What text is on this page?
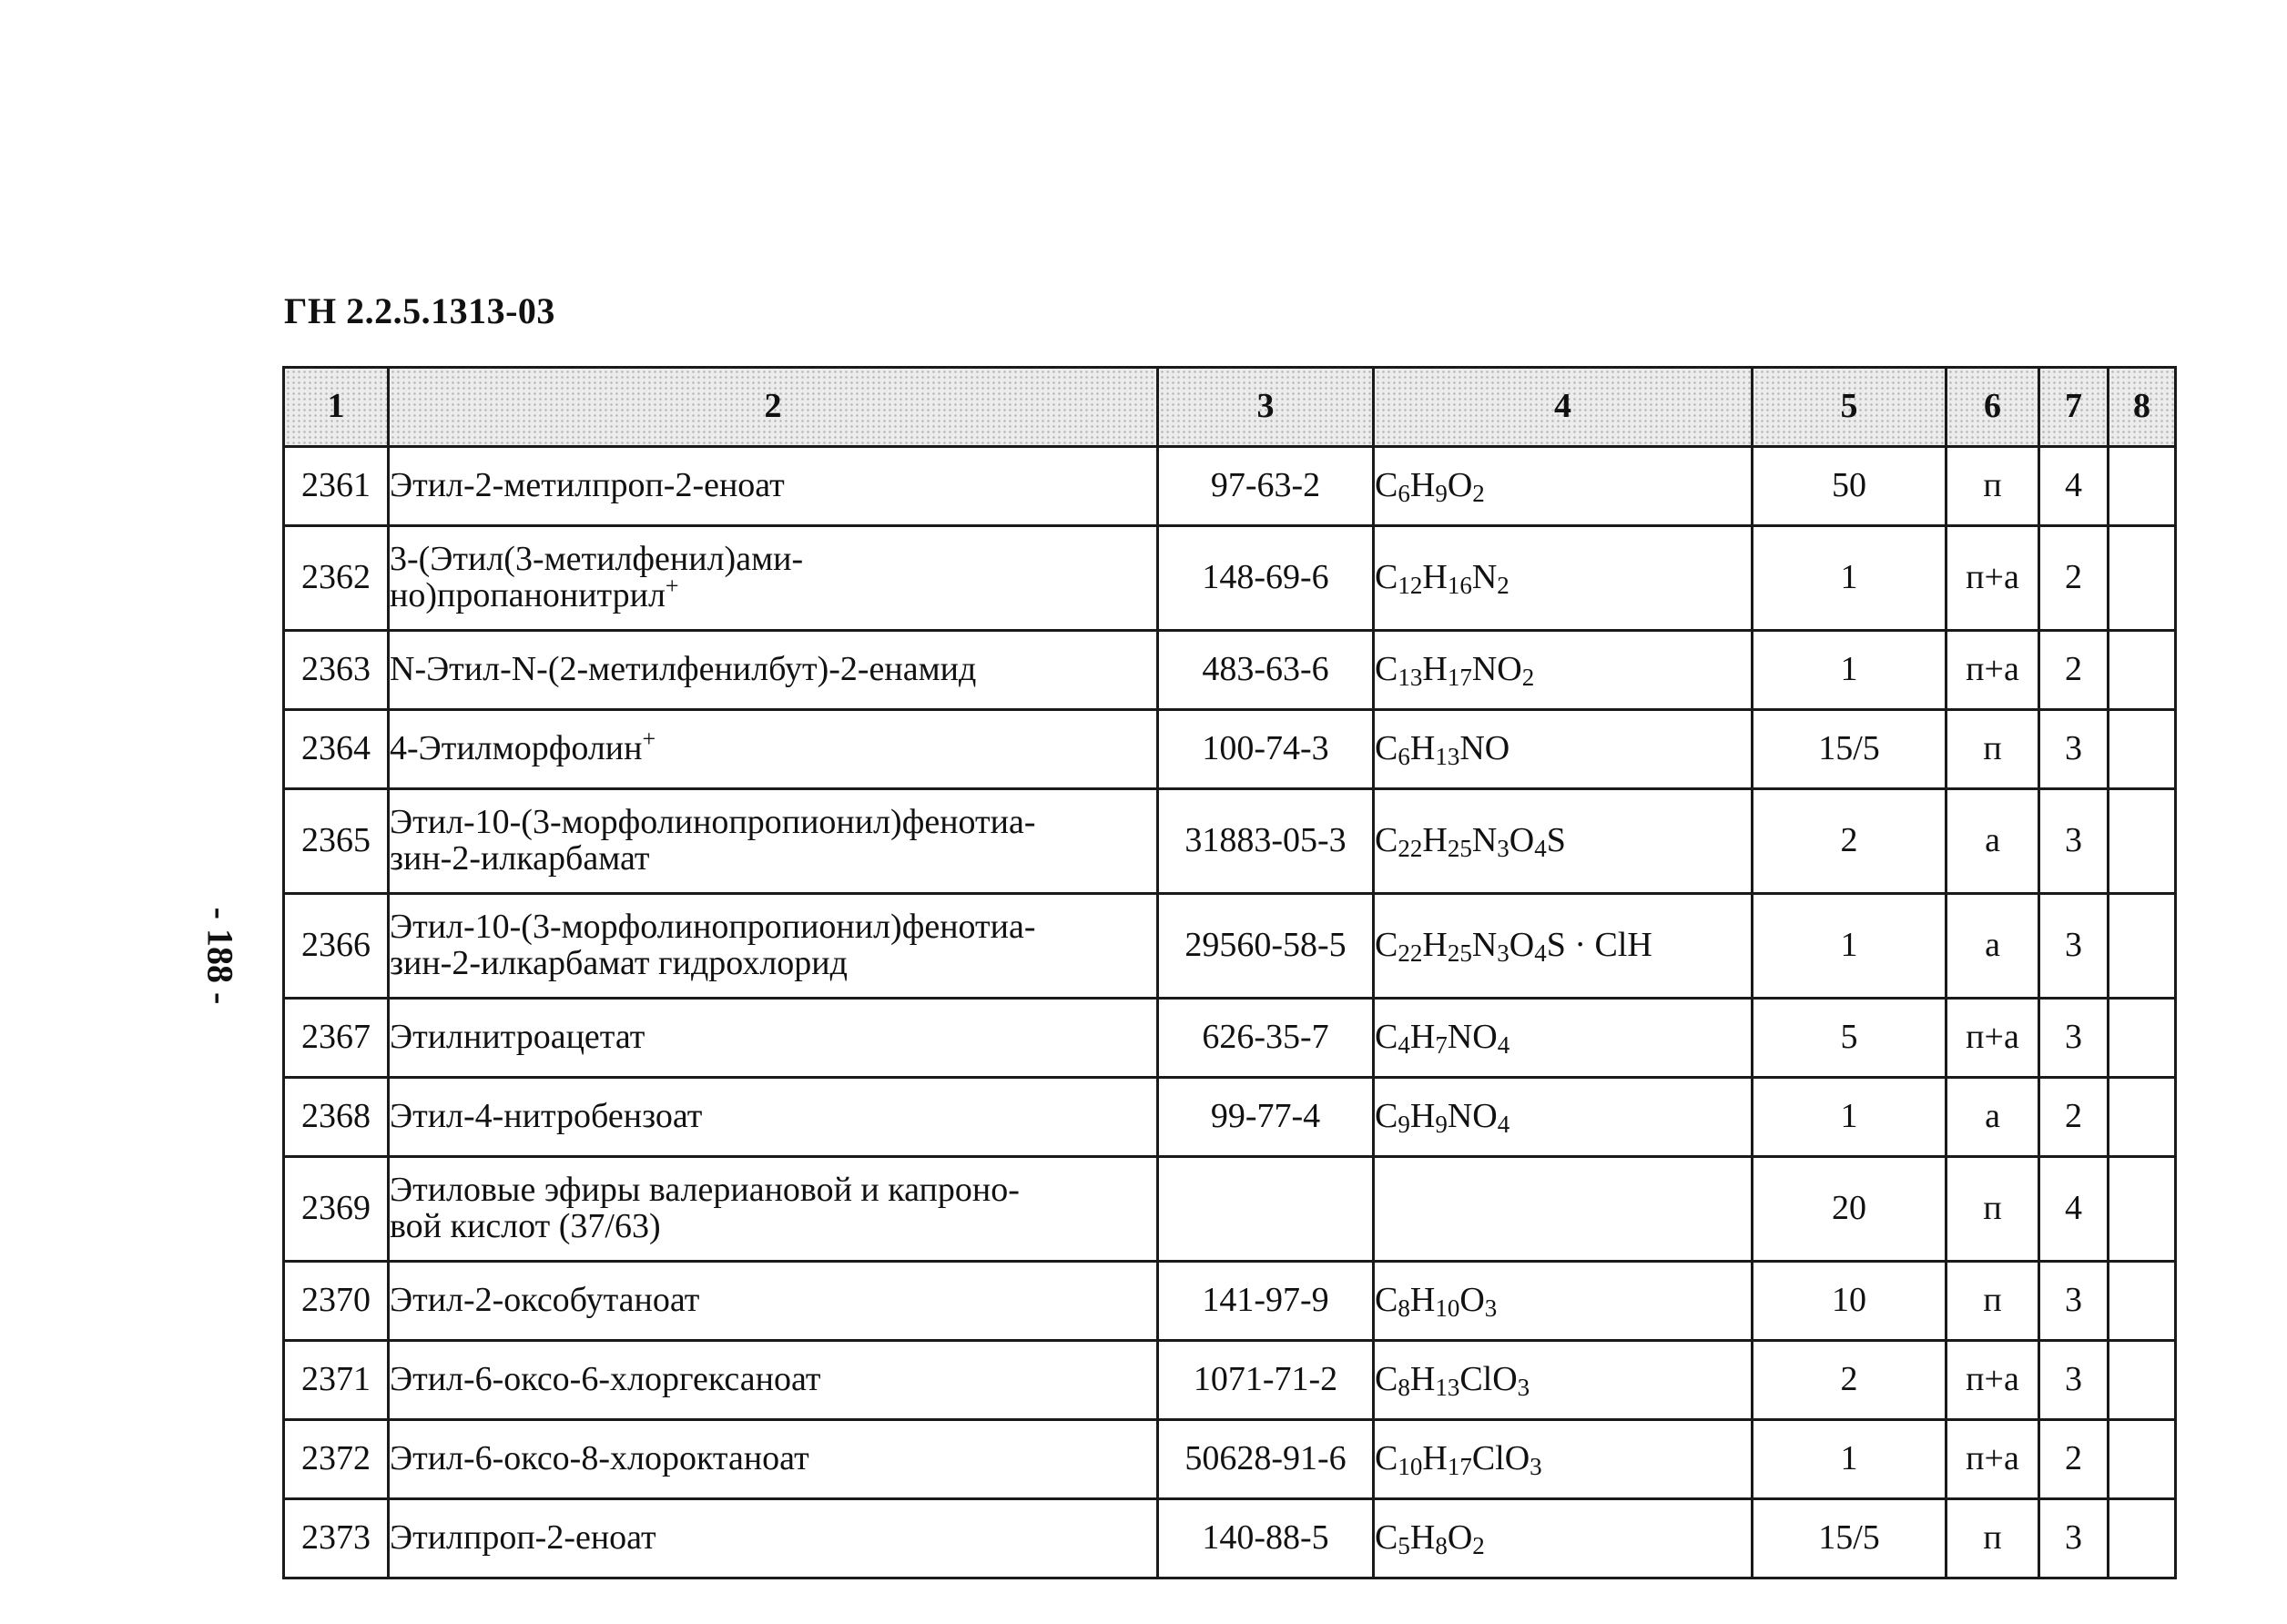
ГН 2.2.5.1313-03
- 188 -
1	2	3	4	5	6	7	8
2361	Этил-2-метилпроп-2-еноат	97-63-2	$C_6H_9O_2$	50	п	4	
2362	3-(Этил(3-метилфенил)ами-
но)пропанонитрил+	148-69-6	$C_{12}H_{16}N_2$	1	п+а	2	
2363	N-Этил-N-(2-метилфенилбут)-2-енамид	483-63-6	$C_{13}H_{17}NO_2$	1	п+а	2	
2364	4-Этилморфолин+	100-74-3	$C_6H_{13}NO$	15/5	п	3	
2365	Этил-10-(3-морфолинопропионил)фенотиа-
зин-2-илкарбамат	31883-05-3	$C_{22}H_{25}N_3O_4S$	2	а	3	
2366	Этил-10-(3-морфолинопропионил)фенотиа-
зин-2-илкарбамат гидрохлорид	29560-58-5	$C_{22}H_{25}N_3O_4S$ · ClH	1	а	3	
2367	Этилнитроацетат	626-35-7	$C_4H_7NO_4$	5	п+а	3	
2368	Этил-4-нитробензоат	99-77-4	$C_9H_9NO_4$	1	а	2	
2369	Этиловые эфиры валериановой и капроно-
вой кислот (37/63)			20	п	4	
2370	Этил-2-оксобутаноат	141-97-9	$C_8H_{10}O_3$	10	п	3	
2371	Этил-6-оксо-6-хлоргексаноат	1071-71-2	$C_8H_{13}ClO_3$	2	п+а	3	
2372	Этил-6-оксо-8-хлороктаноат	50628-91-6	$C_{10}H_{17}ClO_3$	1	п+а	2	
2373	Этилпроп-2-еноат	140-88-5	$C_5H_8O_2$	15/5	п	3	
